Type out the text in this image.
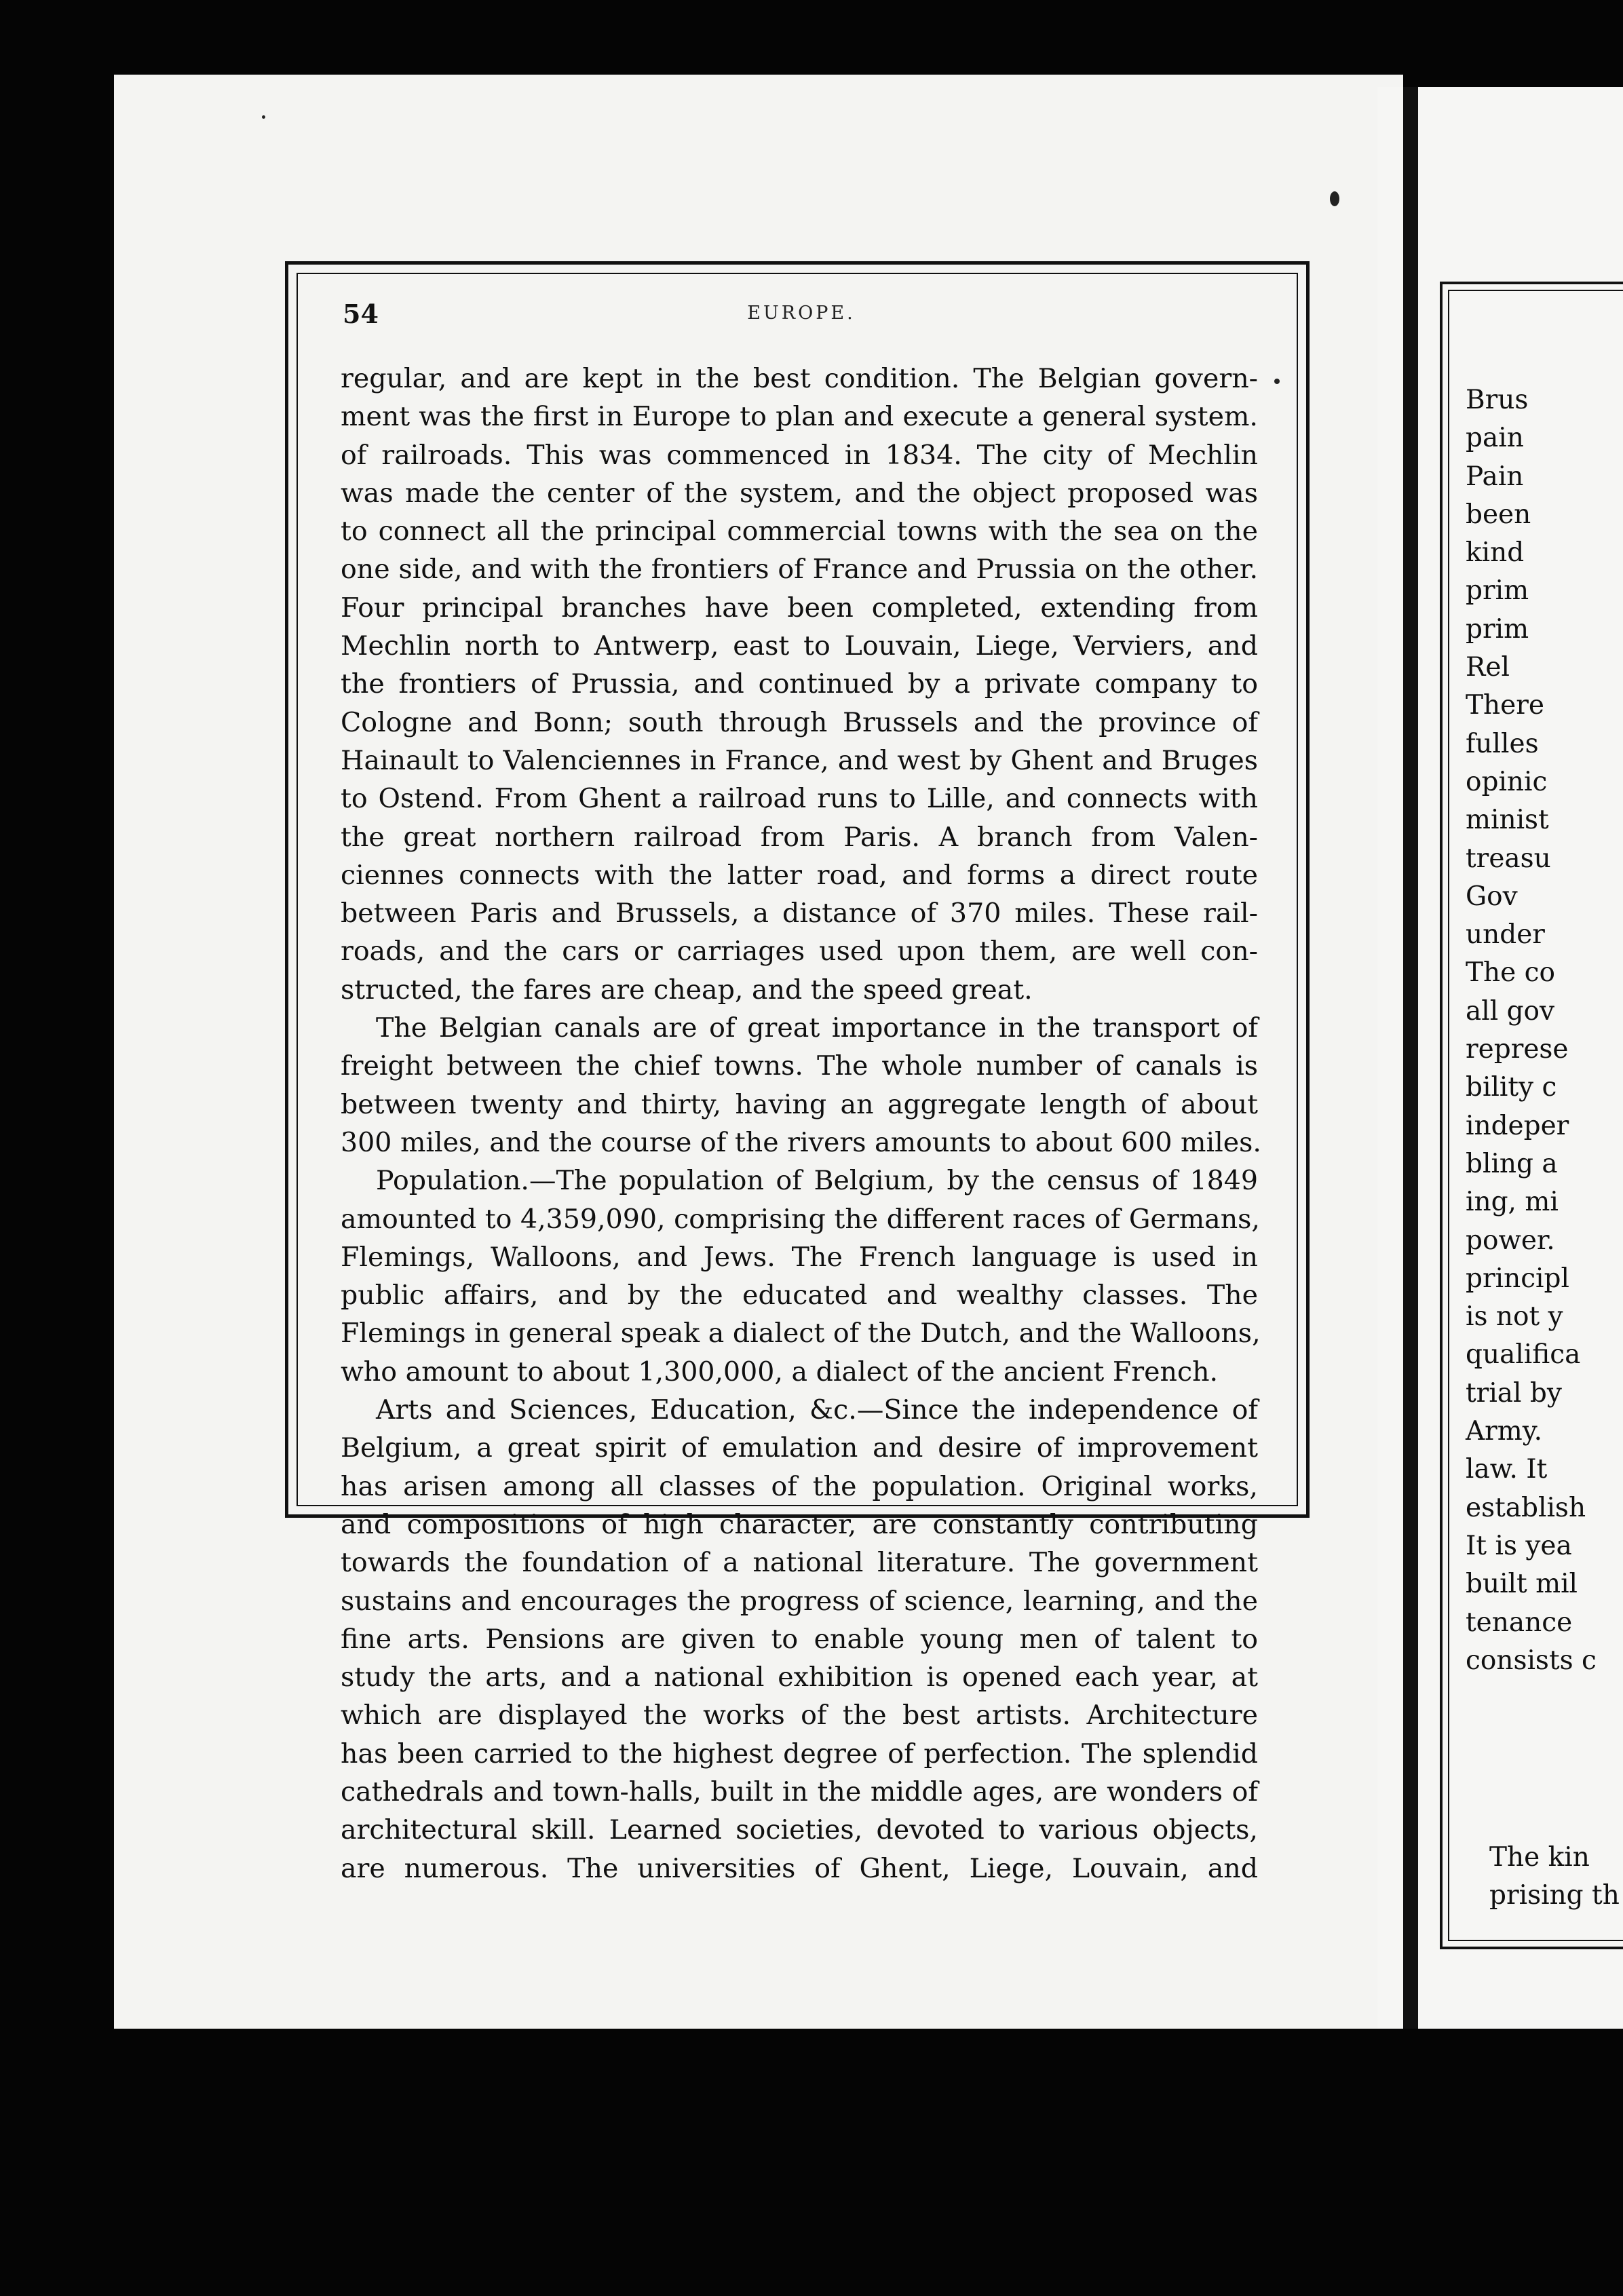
54	EUROPE.
regular, and are kept in the best condition. The Belgian govern-
ment was the first in Europe to plan and execute a general system.
of railroads. This was commenced in 1834. The city of Mechlin
was made the center of the system, and the object proposed was
to connect all the principal commercial towns with the sea on the
one side, and with the frontiers of France and Prussia on the other.
Four principal branches have been completed, extending from
Mechlin north to Antwerp, east to Louvain, Liege, Verviers, and
the frontiers of Prussia, and continued by a private company to
Cologne and Bonn; south through Brussels and the province of
Hainault to Valenciennes in France, and west by Ghent and Bruges
to Ostend. From Ghent a railroad runs to Lille, and connects with
the great northern railroad from Paris. A branch from Valen-
ciennes connects with the latter road, and forms a direct route
between Paris and Brussels, a distance of 370 miles. These rail-
roads, and the cars or carriages used upon them, are well con-
structed, the fares are cheap, and the speed great.
The Belgian canals are of great importance in the transport of
freight between the chief towns. The whole number of canals is
between twenty and thirty, having an aggregate length of about
300 miles, and the course of the rivers amounts to about 600 miles.
Population.—The population of Belgium, by the census of 1849
amounted to 4,359,090, comprising the different races of Germans,
Flemings, Walloons, and Jews. The French language is used in
public affairs, and by the educated and wealthy classes. The
Flemings in general speak a dialect of the Dutch, and the Walloons,
who amount to about 1,300,000, a dialect of the ancient French.
Arts and Sciences, Education, &c.—Since the independence of
Belgium, a great spirit of emulation and desire of improvement
has arisen among all classes of the population. Original works,
and compositions of high character, are constantly contributing
towards the foundation of a national literature. The government
sustains and encourages the progress of science, learning, and the
fine arts. Pensions are given to enable young men of talent to
study the arts, and a national exhibition is opened each year, at
which are displayed the works of the best artists. Architecture
has been carried to the highest degree of perfection. The splendid
cathedrals and town-halls, built in the middle ages, are wonders of
architectural skill. Learned societies, devoted to various objects,
are numerous. The universities of Ghent, Liege, Louvain, and
Brus
pain
Pain
been
kind
prim
prim
Rel
There
fulles
opinic
minist
treasu
Gov
under
The co
all gov
represe
bility c
indeper
bling a
ing, mi
power.
principl
is not y
qualifica
trial by
Army.
law. It
establish
It is yea
built mil
tenance
consists c
The kin
prising th
